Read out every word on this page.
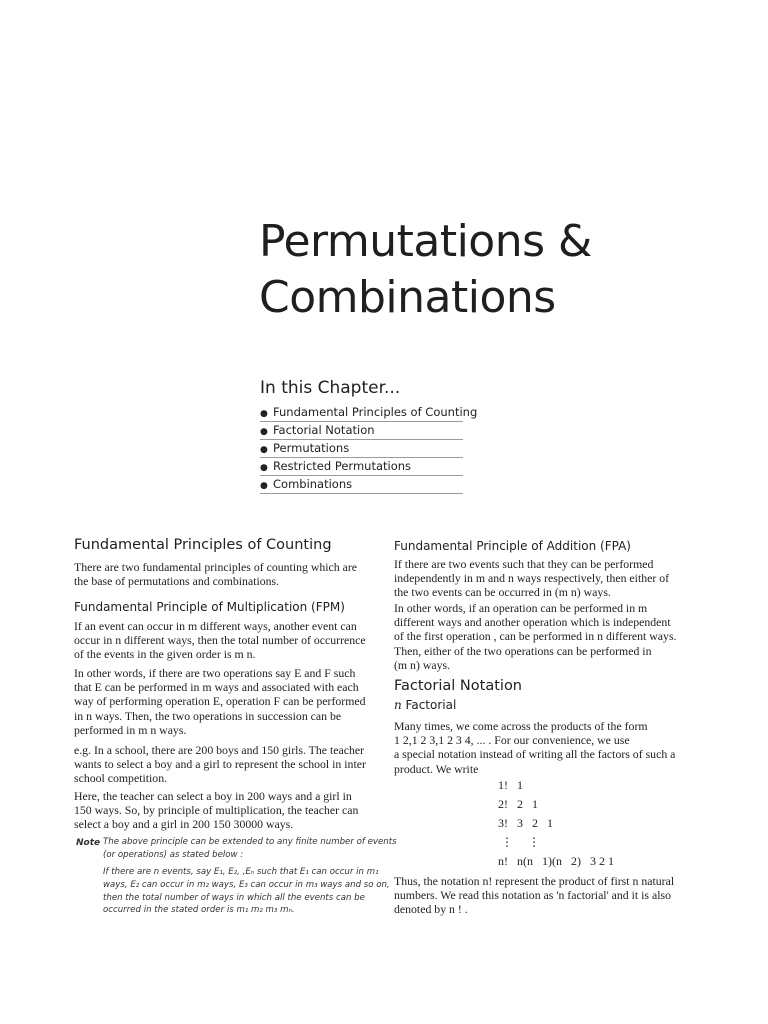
Permutations &
Combinations
In this Chapter...
● Fundamental Principles of Counting
● Factorial Notation
● Permutations
● Restricted Permutations
● Combinations
Fundamental Principles of Counting
There are two fundamental principles of counting which are
the base of permutations and combinations.
Fundamental Principle of Multiplication (FPM)
If an event can occur in m different ways, another event can
occur in n different ways, then the total number of occurrence
of the events in the given order is m n.
In other words, if there are two operations say E and F such
that E can be performed in m ways and associated with each
way of performing operation E, operation F can be performed
in n ways. Then, the two operations in succession can be
performed in m n ways.
e.g. In a school, there are 200 boys and 150 girls. The teacher
wants to select a boy and a girl to represent the school in inter
school competition.
Here, the teacher can select a boy in 200 ways and a girl in
150 ways. So, by principle of multiplication, the teacher can
select a boy and a girl in 200 150 30000 ways.
Note The above principle can be extended to any finite number of events
(or operations) as stated below :
If there are n events, say E₁, E₂, ,Eₙ such that E₁ can occur in m₁
ways, E₂ can occur in m₂ ways, E₃ can occur in m₃ ways and so on,
then the total number of ways in which all the events can be
occurred in the stated order is m₁ m₂ m₃ mₙ.
Fundamental Principle of Addition (FPA)
If there are two events such that they can be performed
independently in m and n ways respectively, then either of
the two events can be occurred in (m n) ways.
In other words, if an operation can be performed in m
different ways and another operation which is independent
of the first operation , can be performed in n different ways.
Then, either of the two operations can be performed in
(m n) ways.
Factorial Notation
n Factorial
Many times, we come across the products of the form
1 2,1 2 3,1 2 3 4, ... . For our convenience, we use
a special notation instead of writing all the factors of such a
product. We write
1!   1
2!   2   1
3!   3   2   1
⋮     ⋮
n!   n(n   1)(n   2)   3 2 1
Thus, the notation n! represent the product of first n natural
numbers. We read this notation as 'n factorial' and it is also
denoted by n ! .
